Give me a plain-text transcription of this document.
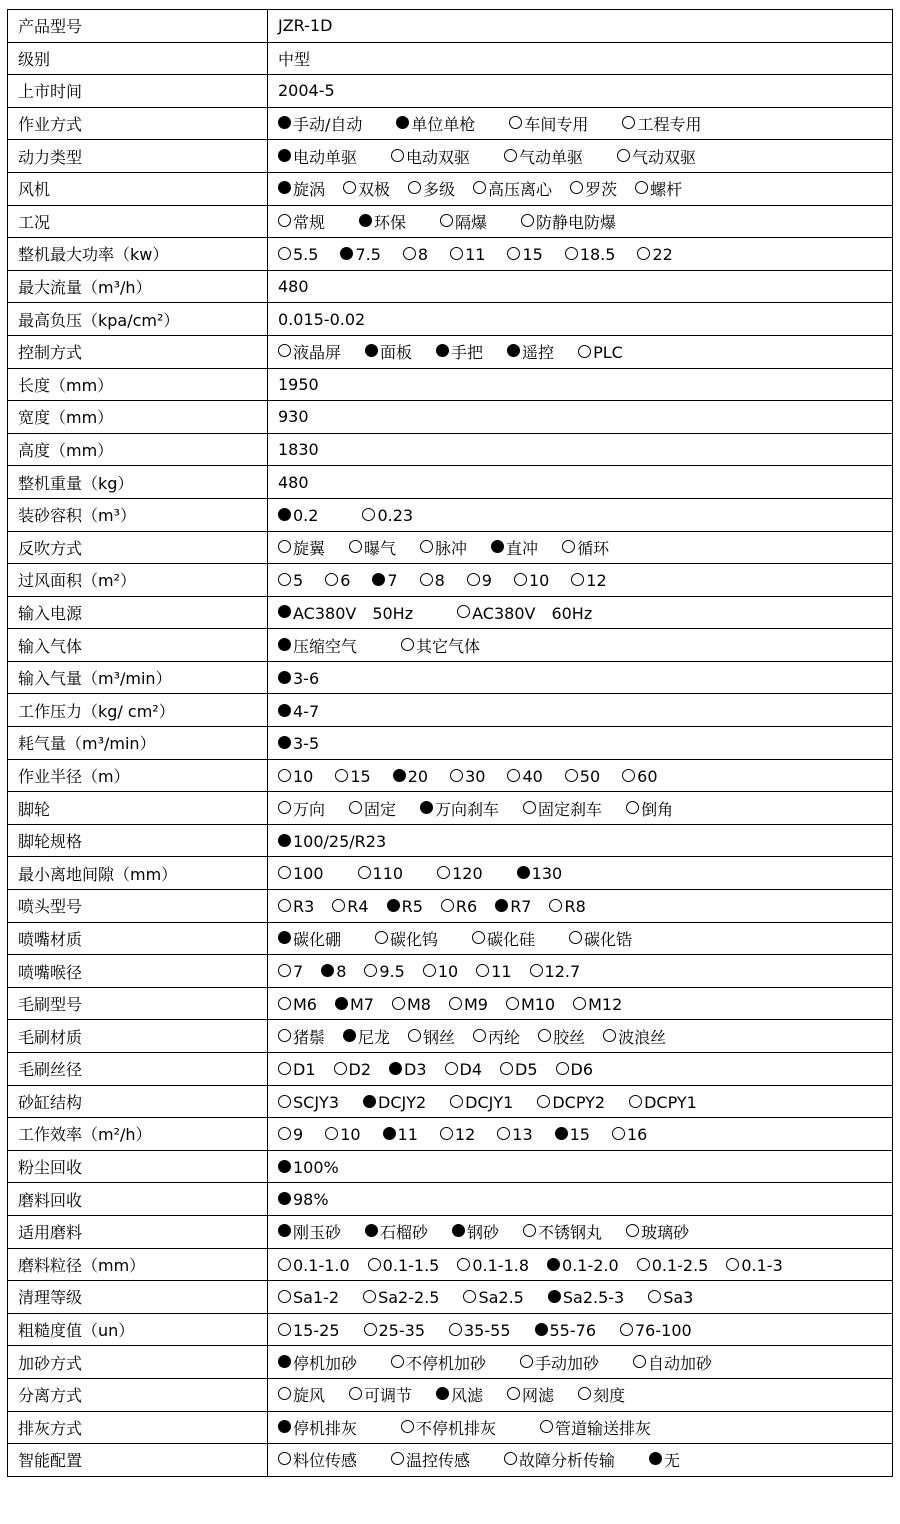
产品型号	JZR-1D
级别	中型
上市时间	2004-5
作业方式	手动/自动 单位单枪 车间专用 工程专用
动力类型	电动单驱 电动双驱 气动单驱 气动双驱
风机	旋涡 双极 多级 高压离心 罗茨 螺杆
工况	常规 环保 隔爆 防静电防爆
整机最大功率（kw）	5.5 7.5 8 11 15 18.5 22
最大流量（m³/h）	480
最高负压（kpa/cm²）	0.015-0.02
控制方式	液晶屏 面板 手把 遥控 PLC
长度（mm）	1950
宽度（mm）	930
高度（mm）	1830
整机重量（kg）	480
装砂容积（m³）	0.2 0.23
反吹方式	旋翼 曝气 脉冲 直冲 循环
过风面积（m²）	5 6 7 8 9 10 12
输入电源	AC380V　50Hz AC380V　60Hz
输入气体	压缩空气 其它气体
输入气量（m³/min）	3-6
工作压力（kg/ cm²）	4-7
耗气量（m³/min）	3-5
作业半径（m）	10 15 20 30 40 50 60
脚轮	万向 固定 万向刹车 固定刹车 倒角
脚轮规格	100/25/R23
最小离地间隙（mm）	100 110 120 130
喷头型号	R3 R4 R5 R6 R7 R8
喷嘴材质	碳化硼 碳化钨 碳化硅 碳化锆
喷嘴喉径	7 8 9.5 10 11 12.7
毛刷型号	M6 M7 M8 M9 M10 M12
毛刷材质	猪鬃 尼龙 钢丝 丙纶 胶丝 波浪丝
毛刷丝径	D1 D2 D3 D4 D5 D6
砂缸结构	SCJY3 DCJY2 DCJY1 DCPY2 DCPY1
工作效率（m²/h）	9 10 11 12 13 15 16
粉尘回收	100%
磨料回收	98%
适用磨料	刚玉砂 石榴砂 钢砂 不锈钢丸 玻璃砂
磨料粒径（mm）	0.1-1.0 0.1-1.5 0.1-1.8 0.1-2.0 0.1-2.5 0.1-3
清理等级	Sa1-2 Sa2-2.5 Sa2.5 Sa2.5-3 Sa3
粗糙度值（un）	15-25 25-35 35-55 55-76 76-100
加砂方式	停机加砂 不停机加砂 手动加砂 自动加砂
分离方式	旋风 可调节 风滤 网滤 刻度
排灰方式	停机排灰 不停机排灰 管道输送排灰
智能配置	料位传感 温控传感 故障分析传输 无
